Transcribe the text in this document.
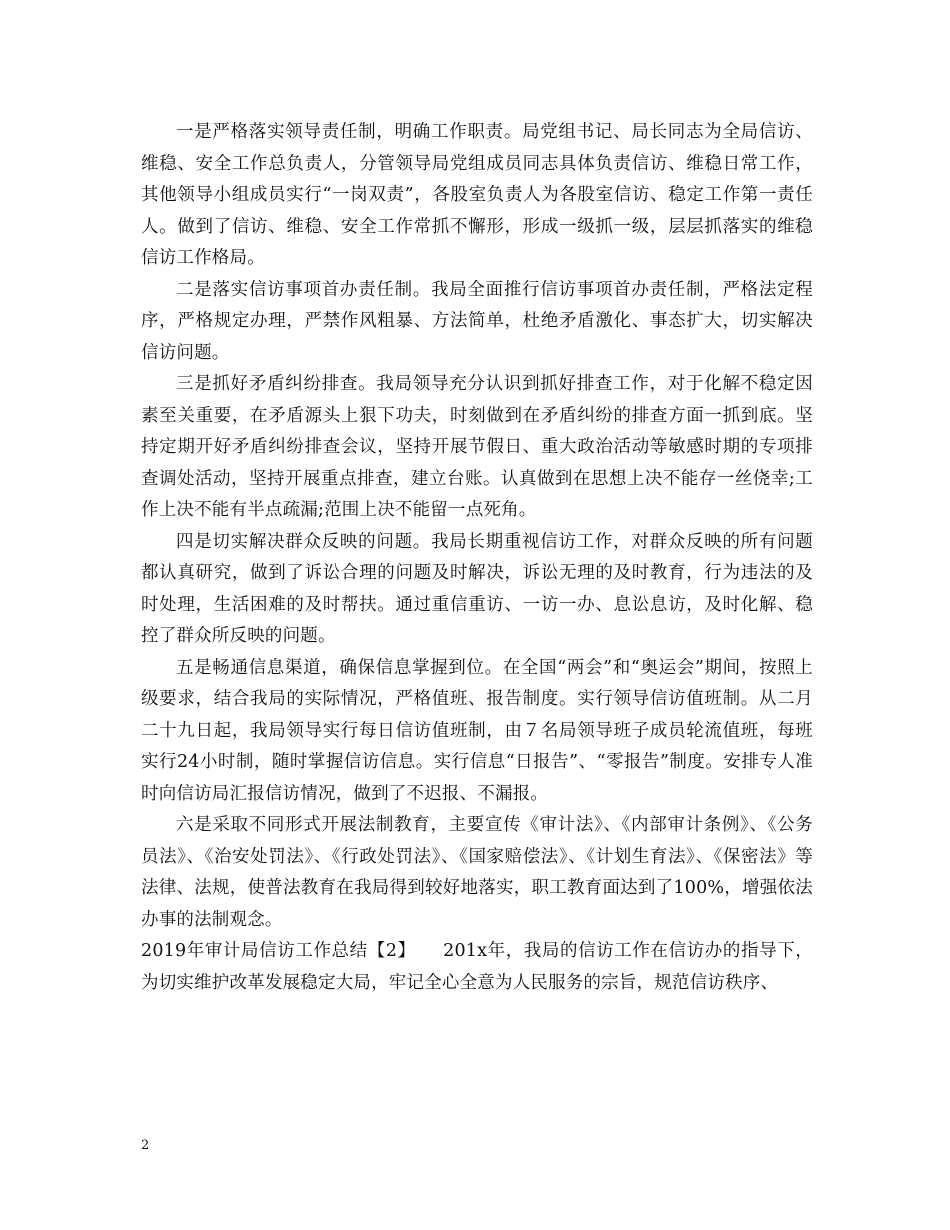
一是严格落实领导责任制，明确工作职责。局党组书记、局长同志为全局信访、维稳、安全工作总负责人，分管领导局党组成员同志具体负责信访、维稳日常工作，其他领导小组成员实行“一岗双责”，各股室负责人为各股室信访、稳定工作第一责任人。做到了信访、维稳、安全工作常抓不懈形，形成一级抓一级，层层抓落实的维稳信访工作格局。

二是落实信访事项首办责任制。我局全面推行信访事项首办责任制，严格法定程序，严格规定办理，严禁作风粗暴、方法简单，杜绝矛盾激化、事态扩大，切实解决信访问题。

三是抓好矛盾纠纷排查。我局领导充分认识到抓好排查工作，对于化解不稳定因素至关重要，在矛盾源头上狠下功夫，时刻做到在矛盾纠纷的排查方面一抓到底。坚持定期开好矛盾纠纷排查会议，坚持开展节假日、重大政治活动等敏感时期的专项排查调处活动，坚持开展重点排查，建立台账。认真做到在思想上决不能存一丝侥幸;工作上决不能有半点疏漏;范围上决不能留一点死角。

四是切实解决群众反映的问题。我局长期重视信访工作，对群众反映的所有问题都认真研究，做到了诉讼合理的问题及时解决，诉讼无理的及时教育，行为违法的及时处理，生活困难的及时帮扶。通过重信重访、一访一办、息讼息访，及时化解、稳控了群众所反映的问题。

五是畅通信息渠道，确保信息掌握到位。在全国“两会”和“奥运会”期间，按照上级要求，结合我局的实际情况，严格值班、报告制度。实行领导信访值班制。从二月二十九日起，我局领导实行每日信访值班制，由７名局领导班子成员轮流值班，每班实行24小时制，随时掌握信访信息。实行信息“日报告”、“零报告”制度。安排专人准时向信访局汇报信访情况，做到了不迟报、不漏报。

六是采取不同形式开展法制教育，主要宣传《审计法》、《内部审计条例》、《公务员法》、《治安处罚法》、《行政处罚法》、《国家赔偿法》、《计划生育法》、《保密法》等法律、法规，使普法教育在我局得到较好地落实，职工教育面达到了100%，增强依法办事的法制观念。

2019年审计局信访工作总结【2】　　201x年，我局的信访工作在信访办的指导下，为切实维护改革发展稳定大局，牢记全心全意为人民服务的宗旨，规范信访秩序、

2
